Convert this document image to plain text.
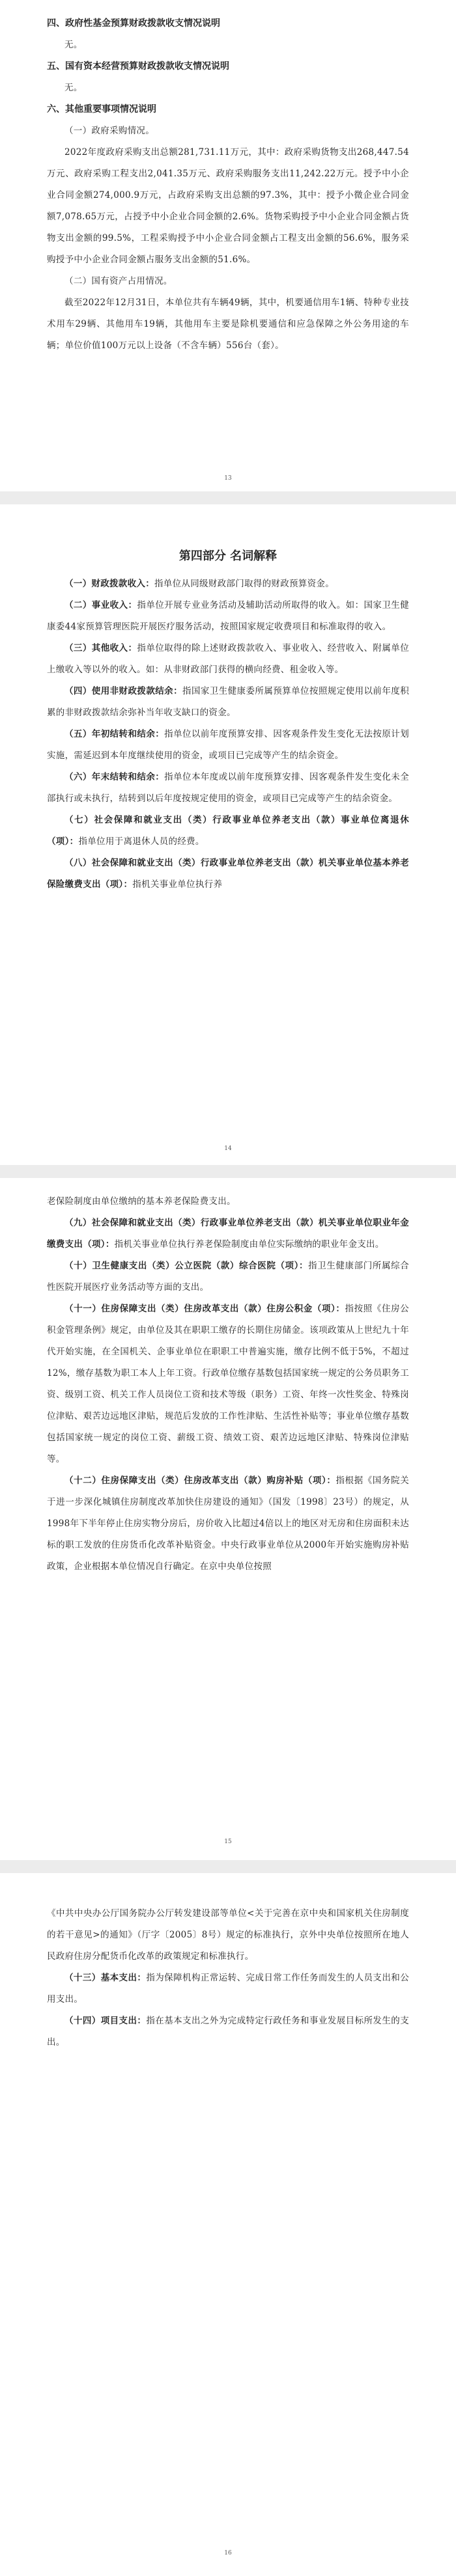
四、政府性基金预算财政拨款收支情况说明

无。

五、国有资本经营预算财政拨款收支情况说明

无。

六、其他重要事项情况说明

（一）政府采购情况。

2022年度政府采购支出总额281,731.11万元，其中：政府采购货物支出268,447.54万元、政府采购工程支出2,041.35万元、政府采购服务支出11,242.22万元。授予中小企业合同金额274,000.9万元，占政府采购支出总额的97.3%，其中：授予小微企业合同金额7,078.65万元，占授予中小企业合同金额的2.6%。货物采购授予中小企业合同金额占货物支出金额的99.5%，工程采购授予中小企业合同金额占工程支出金额的56.6%，服务采购授予中小企业合同金额占服务支出金额的51.6%。

（二）国有资产占用情况。

截至2022年12月31日，本单位共有车辆49辆，其中，机要通信用车1辆、特种专业技术用车29辆、其他用车19辆，其他用车主要是除机要通信和应急保障之外公务用途的车辆；单位价值100万元以上设备（不含车辆）556台（套）。

13

第四部分 名词解释

（一）财政拨款收入：指单位从同级财政部门取得的财政预算资金。

（二）事业收入：指单位开展专业业务活动及辅助活动所取得的收入。如：国家卫生健康委44家预算管理医院开展医疗服务活动，按照国家规定收费项目和标准取得的收入。

（三）其他收入：指单位取得的除上述财政拨款收入、事业收入、经营收入、附属单位上缴收入等以外的收入。如：从非财政部门获得的横向经费、租金收入等。

（四）使用非财政拨款结余：指国家卫生健康委所属预算单位按照规定使用以前年度积累的非财政拨款结余弥补当年收支缺口的资金。

（五）年初结转和结余：指单位以前年度预算安排、因客观条件发生变化无法按原计划实施，需延迟到本年度继续使用的资金，或项目已完成等产生的结余资金。

（六）年末结转和结余：指单位本年度或以前年度预算安排、因客观条件发生变化未全部执行或未执行，结转到以后年度按规定使用的资金，或项目已完成等产生的结余资金。

（七）社会保障和就业支出（类）行政事业单位养老支出（款）事业单位离退休（项）：指单位用于离退休人员的经费。

（八）社会保障和就业支出（类）行政事业单位养老支出（款）机关事业单位基本养老保险缴费支出（项）：指机关事业单位执行养

14

老保险制度由单位缴纳的基本养老保险费支出。

（九）社会保障和就业支出（类）行政事业单位养老支出（款）机关事业单位职业年金缴费支出（项）：指机关事业单位执行养老保险制度由单位实际缴纳的职业年金支出。

（十）卫生健康支出（类）公立医院（款）综合医院（项）：指卫生健康部门所属综合性医院开展医疗业务活动等方面的支出。

（十一）住房保障支出（类）住房改革支出（款）住房公积金（项）：指按照《住房公积金管理条例》规定，由单位及其在职职工缴存的长期住房储金。该项政策从上世纪九十年代开始实施，在全国机关、企事业单位在职职工中普遍实施，缴存比例不低于5%，不超过12%，缴存基数为职工本人上年工资。行政单位缴存基数包括国家统一规定的公务员职务工资、级别工资、机关工作人员岗位工资和技术等级（职务）工资、年终一次性奖金、特殊岗位津贴、艰苦边远地区津贴，规范后发放的工作性津贴、生活性补贴等；事业单位缴存基数包括国家统一规定的岗位工资、薪级工资、绩效工资、艰苦边远地区津贴、特殊岗位津贴等。

（十二）住房保障支出（类）住房改革支出（款）购房补贴（项）：指根据《国务院关于进一步深化城镇住房制度改革加快住房建设的通知》（国发〔1998〕23号）的规定，从1998年下半年停止住房实物分房后，房价收入比超过4倍以上的地区对无房和住房面积未达标的职工发放的住房货币化改革补贴资金。中央行政事业单位从2000年开始实施购房补贴政策，企业根据本单位情况自行确定。在京中央单位按照

15

《中共中央办公厅国务院办公厅转发建设部等单位<关于完善在京中央和国家机关住房制度的若干意见>的通知》（厅字〔2005〕8号）规定的标准执行，京外中央单位按照所在地人民政府住房分配货币化改革的政策规定和标准执行。

（十三）基本支出：指为保障机构正常运转、完成日常工作任务而发生的人员支出和公用支出。

（十四）项目支出：指在基本支出之外为完成特定行政任务和事业发展目标所发生的支出。

16
